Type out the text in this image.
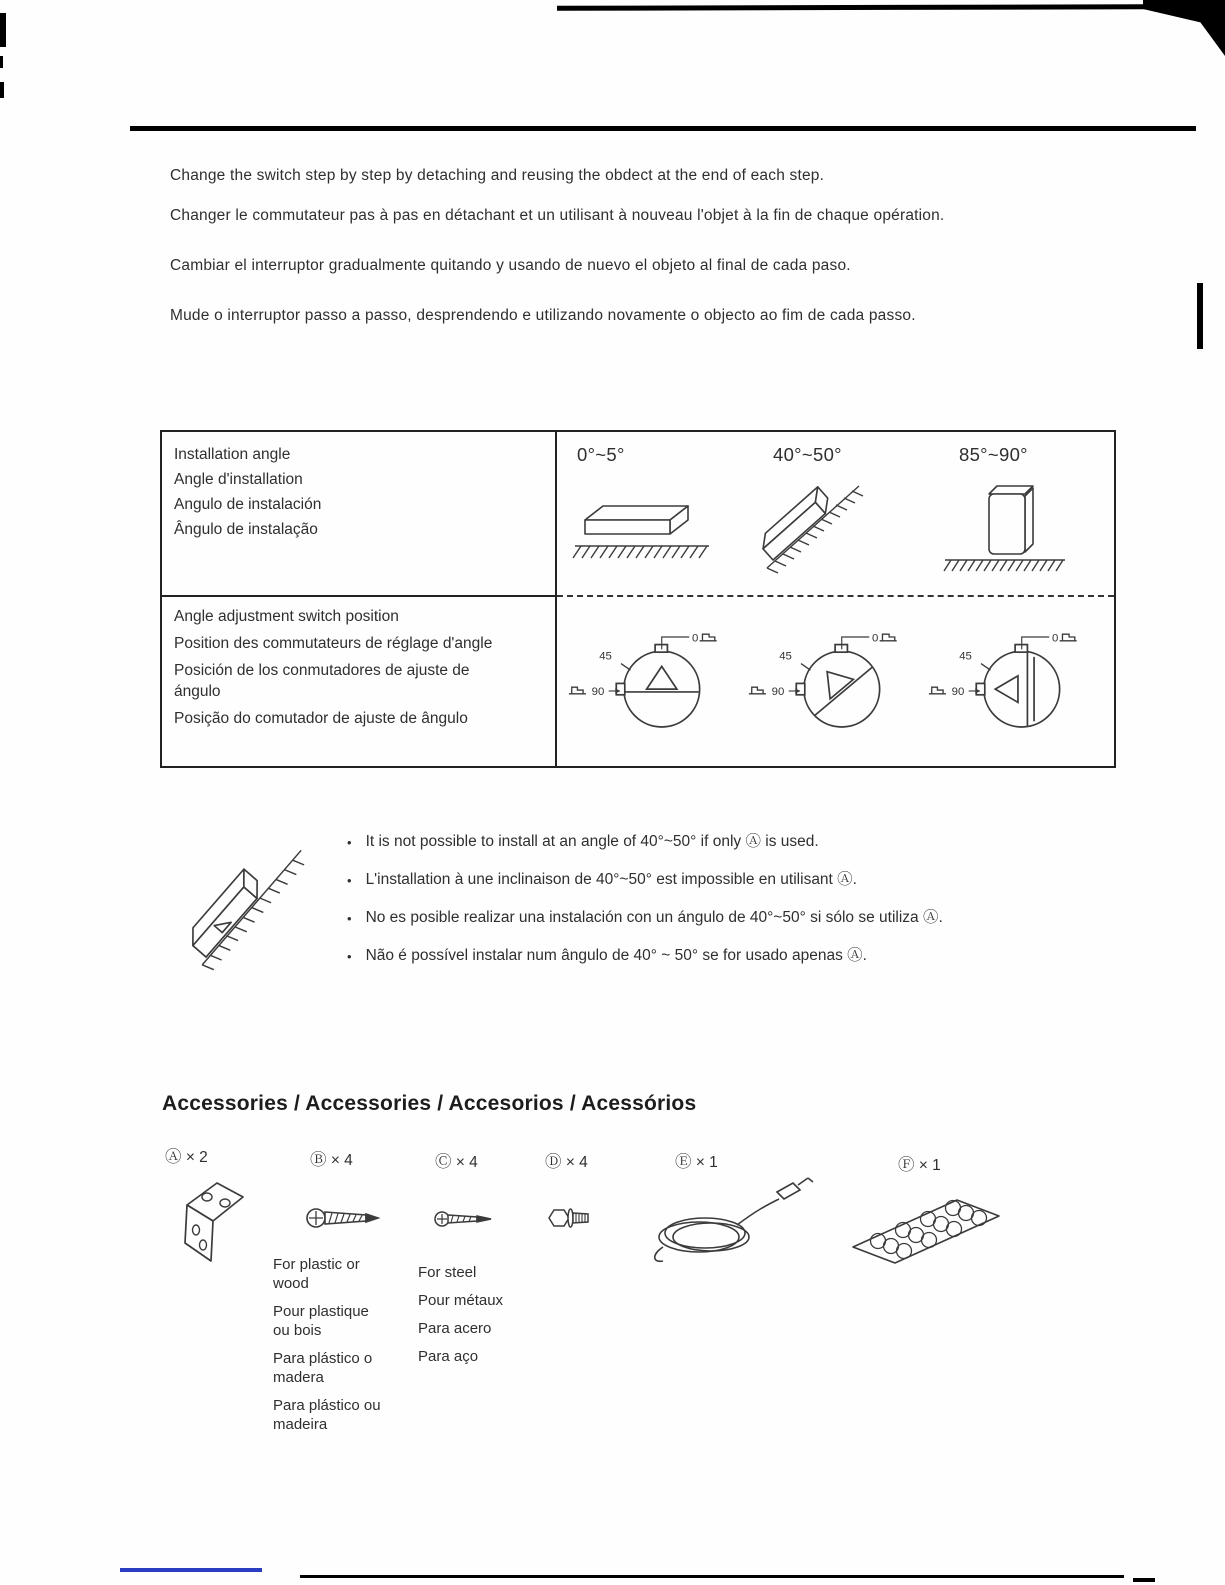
Change the switch step by step by detaching and reusing the obdect at the end of each step.

Changer le commutateur pas à pas en détachant et un utilisant à nouveau l'objet à la fin de chaque opération.

Cambiar el interruptor gradualmente quitando y usando de nuevo el objeto al final de cada paso.

Mude o interruptor passo a passo, desprendendo e utilizando novamente o objecto ao fim de cada passo.

Installation angle
Angle d'installation
Angulo de instalación
Ângulo de instalação

Angle adjustment switch position

Position des commutateurs de réglage d'angle

Posición de los conmutadores de ajuste de ángulo

Posição do comutador de ajuste de ângulo

0°~5°	40°~50°	85°~90°
45
0
90
45
0
90
45
0
90
• It is not possible to install at an angle of 40°~50° if only Ⓐ is used.
• L'installation à une inclinaison de 40°~50° est impossible en utilisant Ⓐ.
• No es posible realizar una instalación con un ángulo de 40°~50° si sólo se utiliza Ⓐ.
• Não é possível instalar num ângulo de 40° ~ 50° se for usado apenas Ⓐ.
Accessories / Accessories / Accesorios / Acessórios
Ⓐ × 2	Ⓑ × 4	Ⓒ × 4	Ⓓ × 4	Ⓔ × 1	Ⓕ × 1

For plastic or wood

Pour plastique ou bois

Para plástico o madera

Para plástico ou madeira

For steel

Pour métaux

Para acero

Para aço
